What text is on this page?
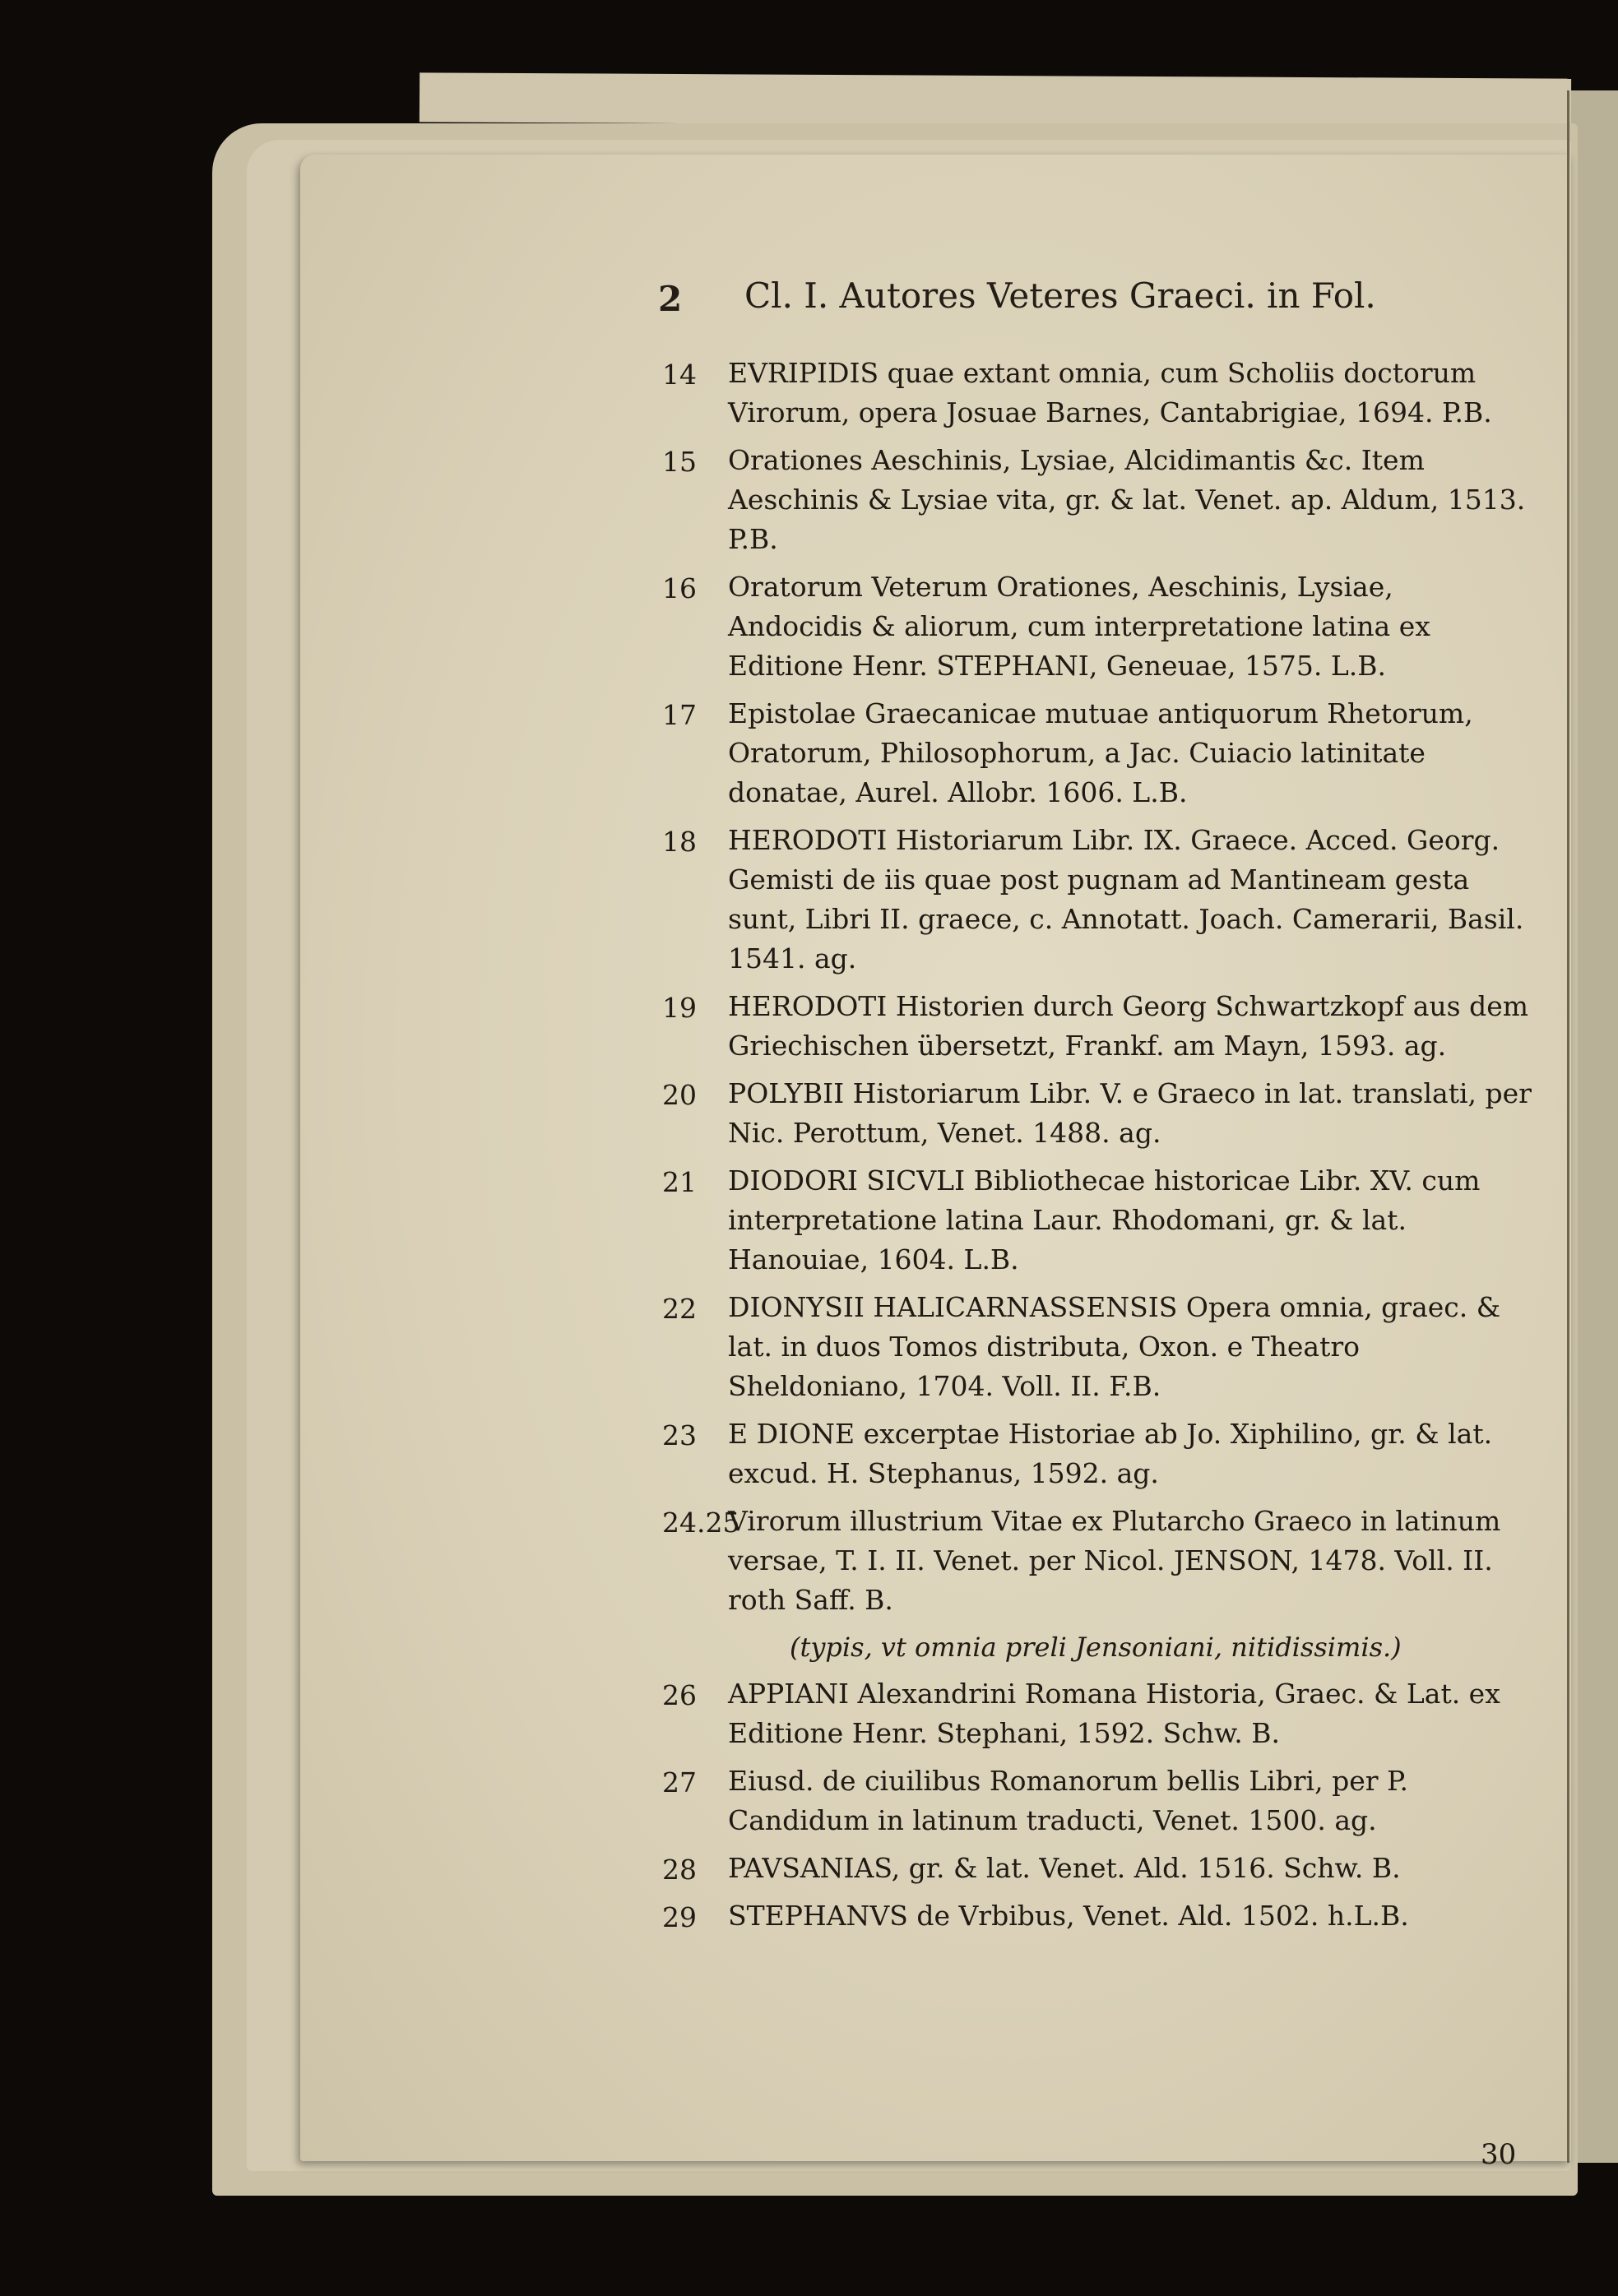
2 Cl. I. Autores Veteres Graeci. in Fol.
14 EVRIPIDIS quae extant omnia, cum Scholiis doctorum Virorum, opera Josuae Barnes, Cantabrigiae, 1694. P.B.
15 Orationes Aeschinis, Lysiae, Alcidimantis &c. Item Aeschinis & Lysiae vita, gr. & lat. Venet. ap. Aldum, 1513. P.B.
16 Oratorum Veterum Orationes, Aeschinis, Lysiae, Andocidis & aliorum, cum interpretatione latina ex Editione Henr. STEPHANI, Geneuae, 1575. L.B.
17 Epistolae Graecanicae mutuae antiquorum Rhetorum, Oratorum, Philosophorum, a Jac. Cuiacio latinitate donatae, Aurel. Allobr. 1606. L.B.
18 HERODOTI Historiarum Libr. IX. Graece. Acced. Georg. Gemisti de iis quae post pugnam ad Mantineam gesta sunt, Libri II. graece, c. Annotatt. Joach. Camerarii, Basil. 1541. ag.
19 HERODOTI Historien durch Georg Schwartzkopf aus dem Griechischen übersetzt, Frankf. am Mayn, 1593. ag.
20 POLYBII Historiarum Libr. V. e Graeco in lat. translati, per Nic. Perottum, Venet. 1488. ag.
21 DIODORI SICVLI Bibliothecae historicae Libr. XV. cum interpretatione latina Laur. Rhodomani, gr. & lat. Hanouiae, 1604. L.B.
22 DIONYSII HALICARNASSENSIS Opera omnia, graec. & lat. in duos Tomos distributa, Oxon. e Theatro Sheldoniano, 1704. Voll. II. F.B.
23 E DIONE excerptae Historiae ab Jo. Xiphilino, gr. & lat. excud. H. Stephanus, 1592. ag.
24.25
Virorum illustrium Vitae ex Plutarcho Graeco in latinum versae, T. I. II. Venet. per Nicol. JENSON, 1478. Voll. II. roth Saff. B.
(typis, vt omnia preli Jensoniani, nitidissimis.)
26 APPIANI Alexandrini Romana Historia, Graec. & Lat. ex Editione Henr. Stephani, 1592. Schw. B.
27 Eiusd. de ciuilibus Romanorum bellis Libri, per P. Candidum in latinum traducti, Venet. 1500. ag.
28 PAVSANIAS, gr. & lat. Venet. Ald. 1516. Schw. B.
29 STEPHANVS de Vrbibus, Venet. Ald. 1502. h.L.B.
30
